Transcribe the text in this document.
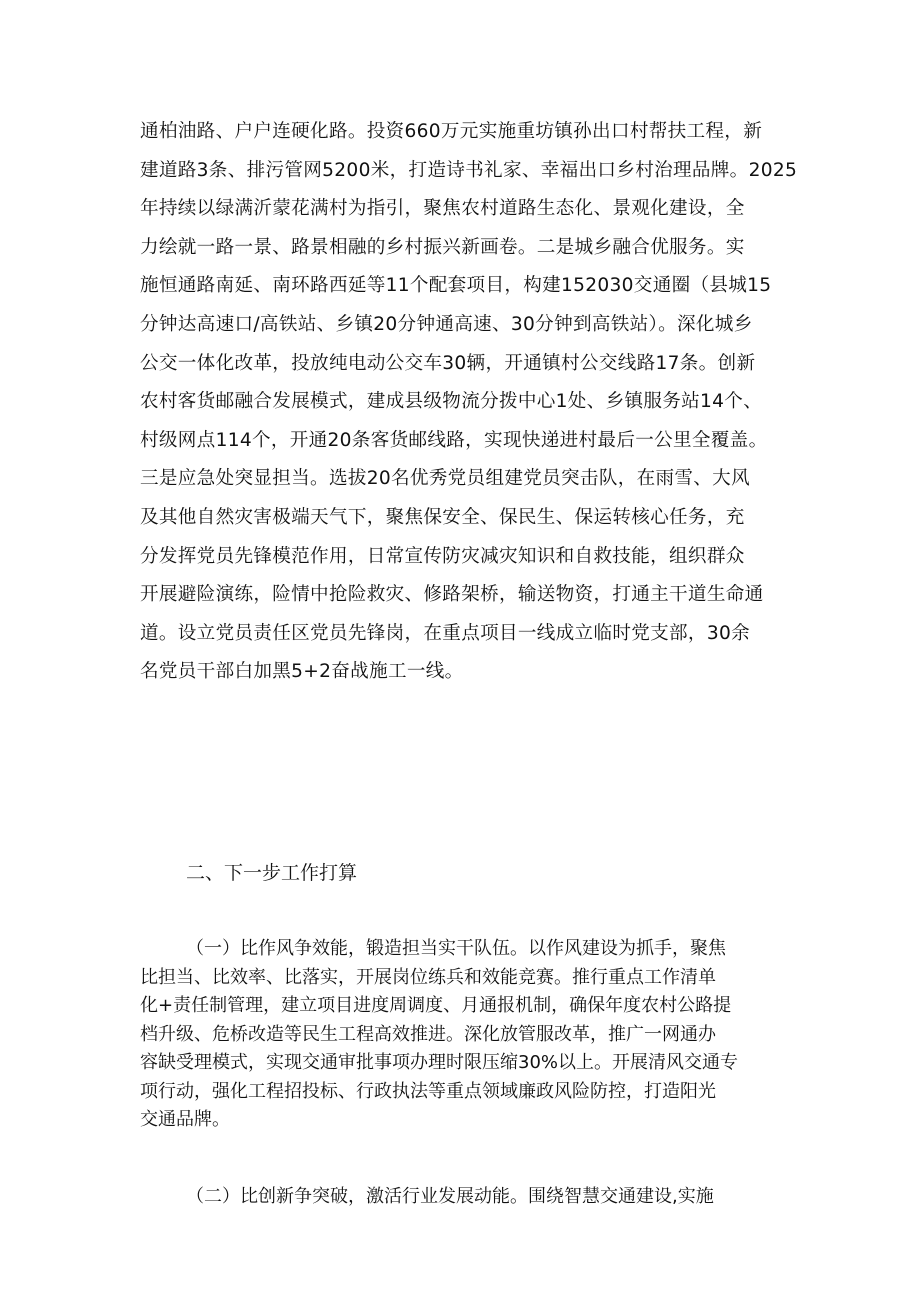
通柏油路、户户连硬化路。投资660万元实施重坊镇孙出口村帮扶工程，新
建道路3条、排污管网5200米，打造诗书礼家、幸福出口乡村治理品牌。2025
年持续以绿满沂蒙花满村为指引，聚焦农村道路生态化、景观化建设，全
力绘就一路一景、路景相融的乡村振兴新画卷。二是城乡融合优服务。实
施恒通路南延、南环路西延等11个配套项目，构建152030交通圈（县城15
分钟达高速口/高铁站、乡镇20分钟通高速、30分钟到高铁站）。深化城乡
公交一体化改革，投放纯电动公交车30辆，开通镇村公交线路17条。创新
农村客货邮融合发展模式，建成县级物流分拨中心1处、乡镇服务站14个、
村级网点114个，开通20条客货邮线路，实现快递进村最后一公里全覆盖。
三是应急处突显担当。选拔20名优秀党员组建党员突击队，在雨雪、大风
及其他自然灾害极端天气下，聚焦保安全、保民生、保运转核心任务，充
分发挥党员先锋模范作用，日常宣传防灾减灾知识和自救技能，组织群众
开展避险演练，险情中抢险救灾、修路架桥，输送物资，打通主干道生命通
道。设立党员责任区党员先锋岗，在重点项目一线成立临时党支部，30余
名党员干部白加黑5+2奋战施工一线。
二、下一步工作打算
（一）比作风争效能，锻造担当实干队伍。以作风建设为抓手，聚焦
比担当、比效率、比落实，开展岗位练兵和效能竞赛。推行重点工作清单
化+责任制管理，建立项目进度周调度、月通报机制，确保年度农村公路提
档升级、危桥改造等民生工程高效推进。深化放管服改革，推广一网通办
容缺受理模式，实现交通审批事项办理时限压缩30%以上。开展清风交通专
项行动，强化工程招投标、行政执法等重点领域廉政风险防控，打造阳光
交通品牌。
（二）比创新争突破，激活行业发展动能。围绕智慧交通建设,实施
